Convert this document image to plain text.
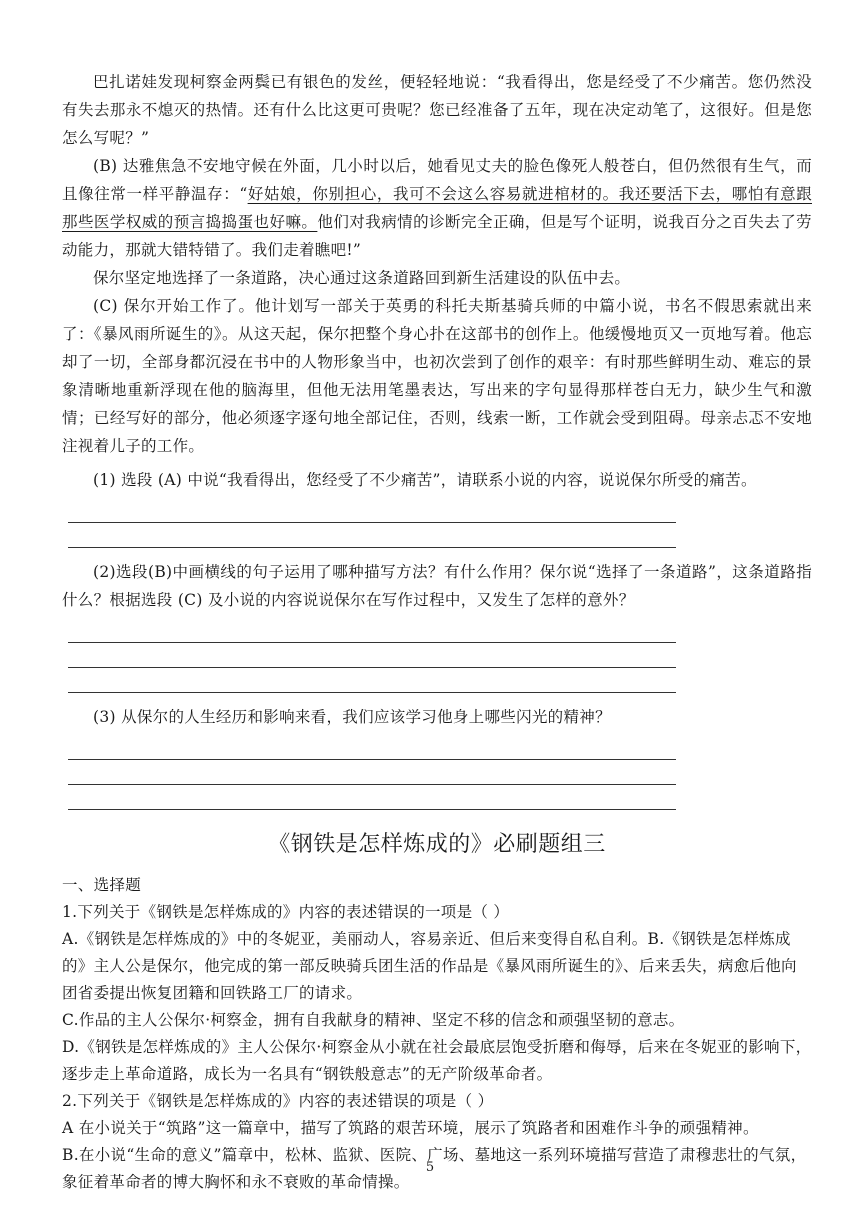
巴扎诺娃发现柯察金两鬓已有银色的发丝，便轻轻地说：“我看得出，您是经受了不少痛苦。您仍然没有失去那永不熄灭的热情。还有什么比这更可贵呢？您已经准备了五年，现在决定动笔了，这很好。但是您怎么写呢？”

(B) 达雅焦急不安地守候在外面，几小时以后，她看见丈夫的脸色像死人般苍白，但仍然很有生气，而且像往常一样平静温存：“好姑娘，你别担心，我可不会这么容易就进棺材的。我还要活下去，哪怕有意跟那些医学权威的预言捣捣蛋也好嘛。他们对我病情的诊断完全正确，但是写个证明，说我百分之百失去了劳动能力，那就大错特错了。我们走着瞧吧!”

保尔坚定地选择了一条道路，决心通过这条道路回到新生活建设的队伍中去。

(C) 保尔开始工作了。他计划写一部关于英勇的科托夫斯基骑兵师的中篇小说，书名不假思索就出来了：《暴风雨所诞生的》。从这天起，保尔把整个身心扑在这部书的创作上。他缓慢地页又一页地写着。他忘却了一切，全部身都沉浸在书中的人物形象当中，也初次尝到了创作的艰辛：有时那些鲜明生动、难忘的景象清晰地重新浮现在他的脑海里，但他无法用笔墨表达，写出来的字句显得那样苍白无力，缺少生气和激情；已经写好的部分，他必须逐字逐句地全部记住，否则，线索一断，工作就会受到阻碍。母亲忐忑不安地注视着儿子的工作。

(1) 选段 (A) 中说“我看得出，您经受了不少痛苦”，请联系小说的内容，说说保尔所受的痛苦。

(2)选段(B)中画横线的句子运用了哪种描写方法？有什么作用？保尔说“选择了一条道路”，这条道路指什么？根据选段 (C) 及小说的内容说说保尔在写作过程中，又发生了怎样的意外？

(3) 从保尔的人生经历和影响来看，我们应该学习他身上哪些闪光的精神？

《钢铁是怎样炼成的》必刷题组三

一、选择题

1.下列关于《钢铁是怎样炼成的》内容的表述错误的一项是（ ）

A.《钢铁是怎样炼成的》中的冬妮亚，美丽动人，容易亲近、但后来变得自私自利。B.《钢铁是怎样炼成的》主人公是保尔，他完成的第一部反映骑兵团生活的作品是《暴风雨所诞生的》、后来丢失，病愈后他向团省委提出恢复团籍和回铁路工厂的请求。

C.作品的主人公保尔·柯察金，拥有自我献身的精神、坚定不移的信念和顽强坚韧的意志。

D.《钢铁是怎样炼成的》主人公保尔·柯察金从小就在社会最底层饱受折磨和侮辱，后来在冬妮亚的影响下，逐步走上革命道路，成长为一名具有“钢铁般意志”的无产阶级革命者。

2.下列关于《钢铁是怎样炼成的》内容的表述错误的项是（ ）

A 在小说关于“筑路”这一篇章中，描写了筑路的艰苦环境，展示了筑路者和困难作斗争的顽强精神。

B.在小说“生命的意义”篇章中，松林、监狱、医院、广场、墓地这一系列环境描写营造了肃穆悲壮的气氛，象征着革命者的博大胸怀和永不衰败的革命情操。

5
